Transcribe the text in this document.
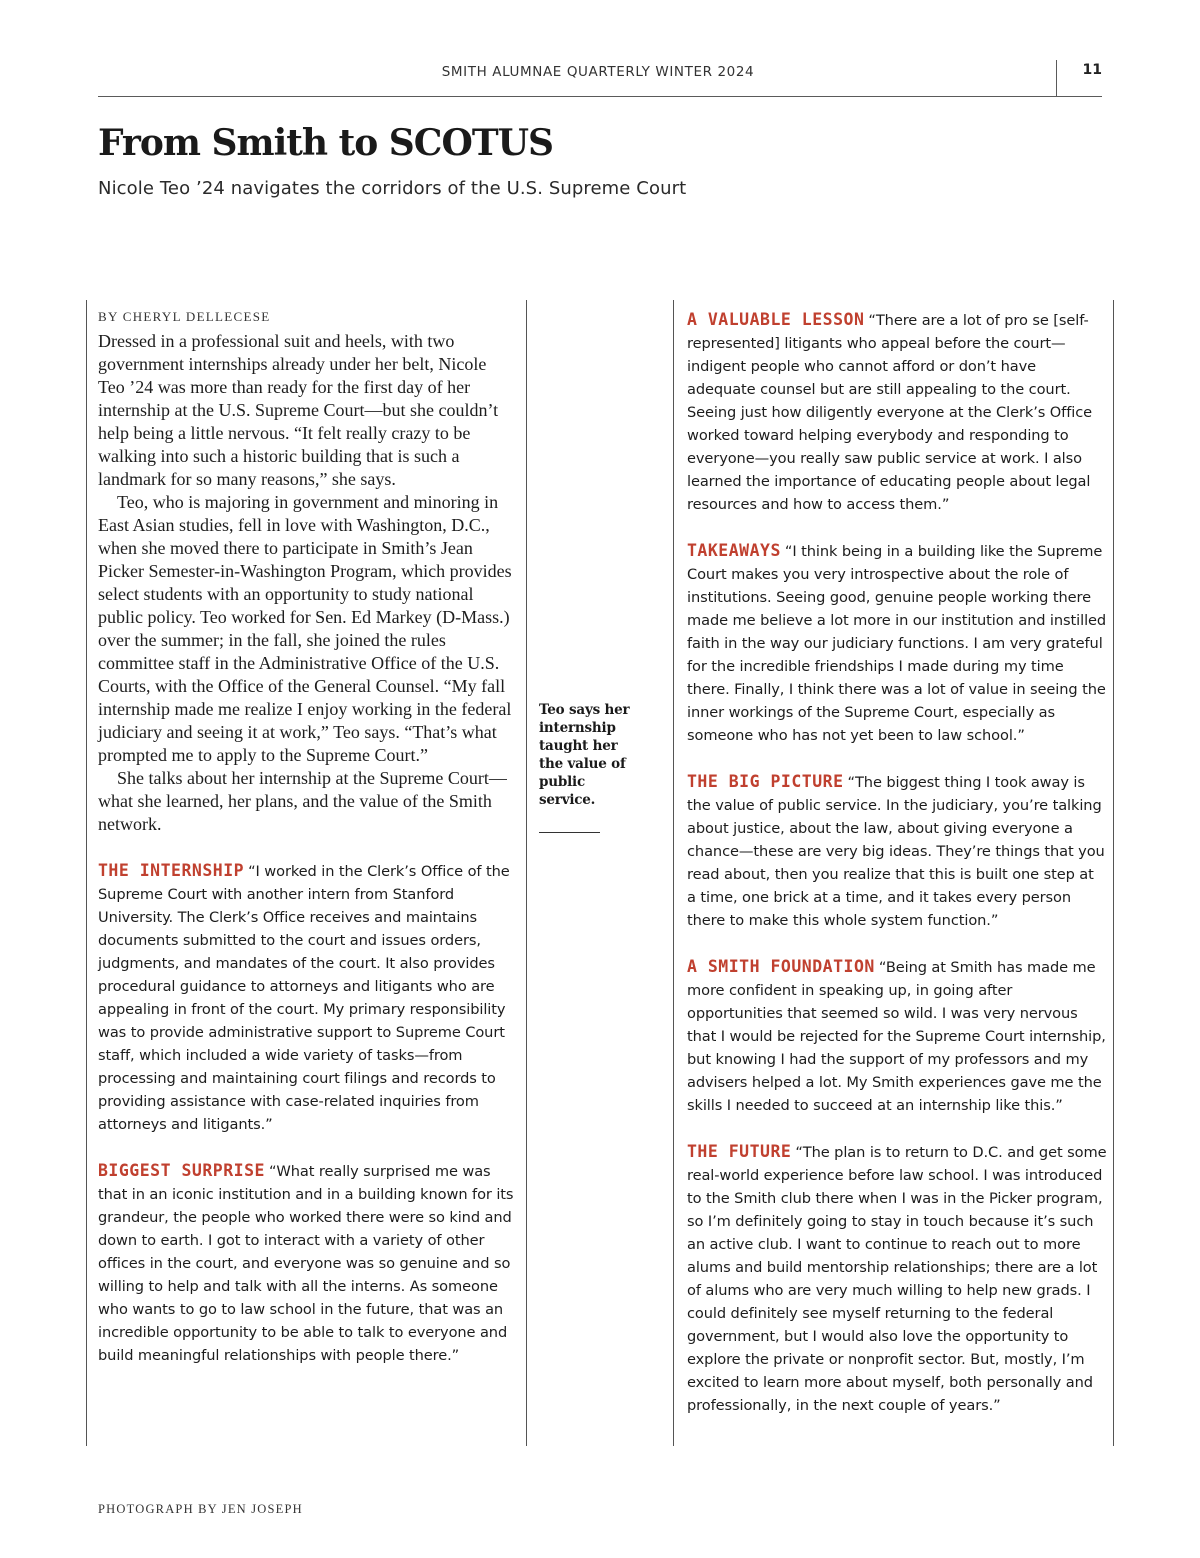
SMITH ALUMNAE QUARTERLY WINTER 2024	11
From Smith to SCOTUS

Nicole Teo ’24 navigates the corridors of the U.S. Supreme Court

BY CHERYL DELLECESE

Dressed in a professional suit and heels, with two government internships already under her belt, Nicole Teo ’24 was more than ready for the first day of her internship at the U.S. Supreme Court—but she couldn’t help being a little nervous. “It felt really crazy to be walking into such a historic building that is such a landmark for so many reasons,” she says.

Teo, who is majoring in government and minoring in East Asian studies, fell in love with Washington, D.C., when she moved there to participate in Smith’s Jean Picker Semester-in-Washington Program, which provides select students with an opportunity to study national public policy. Teo worked for Sen. Ed Markey (D-Mass.) over the summer; in the fall, she joined the rules committee staff in the Administrative Office of the U.S. Courts, with the Office of the General Counsel. “My fall internship made me realize I enjoy working in the federal judiciary and seeing it at work,” Teo says. “That’s what prompted me to apply to the Supreme Court.”

She talks about her internship at the Supreme Court—what she learned, her plans, and the value of the Smith network.

THE INTERNSHIP “I worked in the Clerk’s Office of the Supreme Court with another intern from Stanford University. The Clerk’s Office receives and maintains documents submitted to the court and issues orders, judgments, and mandates of the court. It also provides procedural guidance to attorneys and litigants who are appealing in front of the court. My primary responsibility was to provide administrative support to Supreme Court staff, which included a wide variety of tasks—from processing and maintaining court filings and records to providing assistance with case-related inquiries from attorneys and litigants.”

BIGGEST SURPRISE “What really surprised me was that in an iconic institution and in a building known for its grandeur, the people who worked there were so kind and down to earth. I got to interact with a variety of other offices in the court, and everyone was so genuine and so willing to help and talk with all the interns. As someone who wants to go to law school in the future, that was an incredible opportunity to be able to talk to everyone and build meaningful relationships with people there.”

Teo says her internship taught her the value of public service.

A VALUABLE LESSON “There are a lot of pro se [self-represented] litigants who appeal before the court—indigent people who cannot afford or don’t have adequate counsel but are still appealing to the court. Seeing just how diligently everyone at the Clerk’s Office worked toward helping everybody and responding to everyone—you really saw public service at work. I also learned the importance of educating people about legal resources and how to access them.”

TAKEAWAYS “I think being in a building like the Supreme Court makes you very introspective about the role of institutions. Seeing good, genuine people working there made me believe a lot more in our institution and instilled faith in the way our judiciary functions. I am very grateful for the incredible friendships I made during my time there. Finally, I think there was a lot of value in seeing the inner workings of the Supreme Court, especially as someone who has not yet been to law school.”

THE BIG PICTURE “The biggest thing I took away is the value of public service. In the judiciary, you’re talking about justice, about the law, about giving everyone a chance—these are very big ideas. They’re things that you read about, then you realize that this is built one step at a time, one brick at a time, and it takes every person there to make this whole system function.”

A SMITH FOUNDATION “Being at Smith has made me more confident in speaking up, in going after opportunities that seemed so wild. I was very nervous that I would be rejected for the Supreme Court internship, but knowing I had the support of my professors and my advisers helped a lot. My Smith experiences gave me the skills I needed to succeed at an internship like this.”

THE FUTURE “The plan is to return to D.C. and get some real-world experience before law school. I was introduced to the Smith club there when I was in the Picker program, so I’m definitely going to stay in touch because it’s such an active club. I want to continue to reach out to more alums and build mentorship relationships; there are a lot of alums who are very much willing to help new grads. I could definitely see myself returning to the federal government, but I would also love the opportunity to explore the private or nonprofit sector. But, mostly, I’m excited to learn more about myself, both personally and professionally, in the next couple of years.”

PHOTOGRAPH BY JEN JOSEPH
